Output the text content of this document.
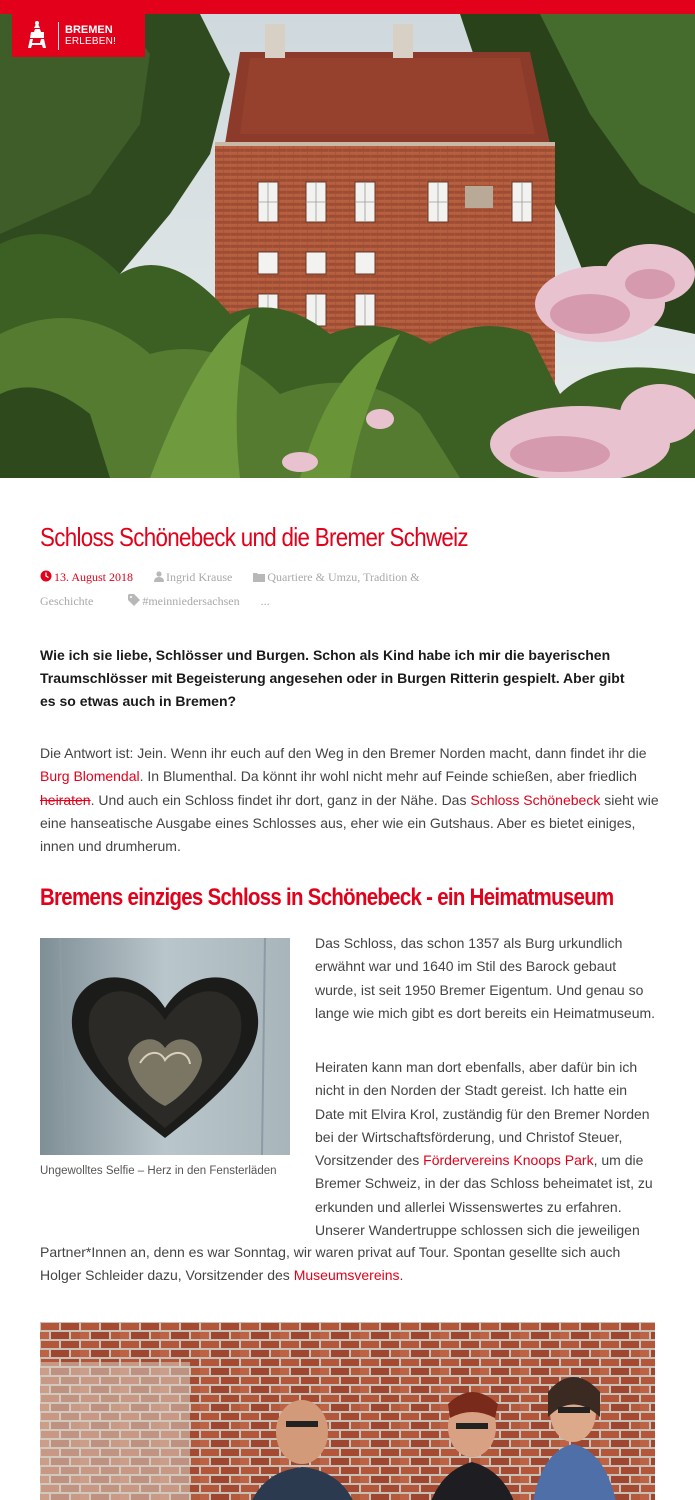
BREMEN
ERLEBEN!
Schloss Schönebeck und die Bremer Schweiz
13. August 2018	Ingrid Krause	Quartiere & Umzu, Tradition & Geschichte	#meinniedersachsen ...

Wie ich sie liebe, Schlösser und Burgen. Schon als Kind habe ich mir die bayerischen Traumschlösser mit Begeisterung angesehen oder in Burgen Ritterin gespielt. Aber gibt es so etwas auch in Bremen?

Die Antwort ist: Jein. Wenn ihr euch auf den Weg in den Bremer Norden macht, dann findet ihr die Burg Blomendal. In Blumenthal. Da könnt ihr wohl nicht mehr auf Feinde schießen, aber friedlich heiraten. Und auch ein Schloss findet ihr dort, ganz in der Nähe. Das Schloss Schönebeck sieht wie eine hanseatische Ausgabe eines Schlosses aus, eher wie ein Gutshaus. Aber es bietet einiges, innen und drumherum.

Bremens einziges Schloss in Schönebeck - ein Heimatmuseum

Ungewolltes Selfie – Herz in den Fensterläden

Das Schloss, das schon 1357 als Burg urkundlich erwähnt war und 1640 im Stil des Barock gebaut wurde, ist seit 1950 Bremer Eigentum. Und genau so lange wie mich gibt es dort bereits ein Heimatmuseum.

Heiraten kann man dort ebenfalls, aber dafür bin ich nicht in den Norden der Stadt gereist. Ich hatte ein Date mit Elvira Krol, zuständig für den Bremer Norden bei der Wirtschaftsförderung, und Christof Steuer, Vorsitzender des Fördervereins Knoops Park, um die Bremer Schweiz, in der das Schloss beheimatet ist, zu erkunden und allerlei Wissenswertes zu erfahren. Unserer Wandertruppe schlossen sich die jeweiligen

Partner*Innen an, denn es war Sonntag, wir waren privat auf Tour. Spontan gesellte sich auch Holger Schleider dazu, Vorsitzender des Museumsvereins.
